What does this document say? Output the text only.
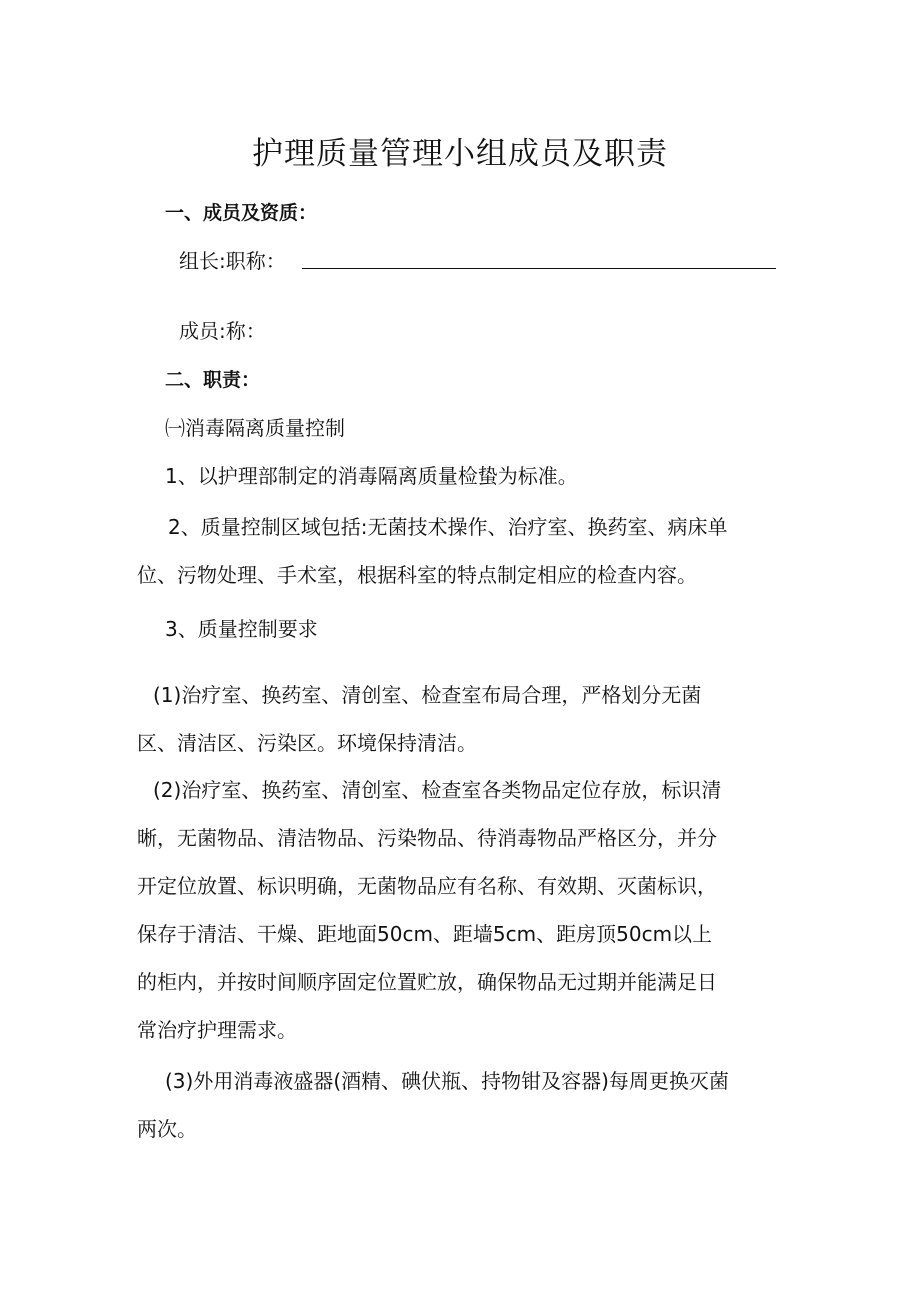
护理质量管理小组成员及职责
一、成员及资质：
组长:职称：
成员:称：
二、职责：
㈠消毒隔离质量控制
1、以护理部制定的消毒隔离质量检蛰为标准。
2、质量控制区域包括:无菌技术操作、治疗室、换药室、病床单
位、污物处理、手术室，根据科室的特点制定相应的检查内容。
3、质量控制要求
(1)治疗室、换药室、清创室、检查室布局合理，严格划分无菌
区、清洁区、污染区。环境保持清洁。
(2)治疗室、换药室、清创室、检查室各类物品定位存放，标识清
晰，无菌物品、清洁物品、污染物品、待消毒物品严格区分，并分
开定位放置、标识明确，无菌物品应有名称、有效期、灭菌标识，
保存于清洁、干燥、距地面50cm、距墙5cm、距房顶50cm以上
的柜内，并按时间顺序固定位置贮放，确保物品无过期并能满足日
常治疗护理需求。
(3)外用消毒液盛器(酒精、碘伏瓶、持物钳及容器)每周更换灭菌
两次。
